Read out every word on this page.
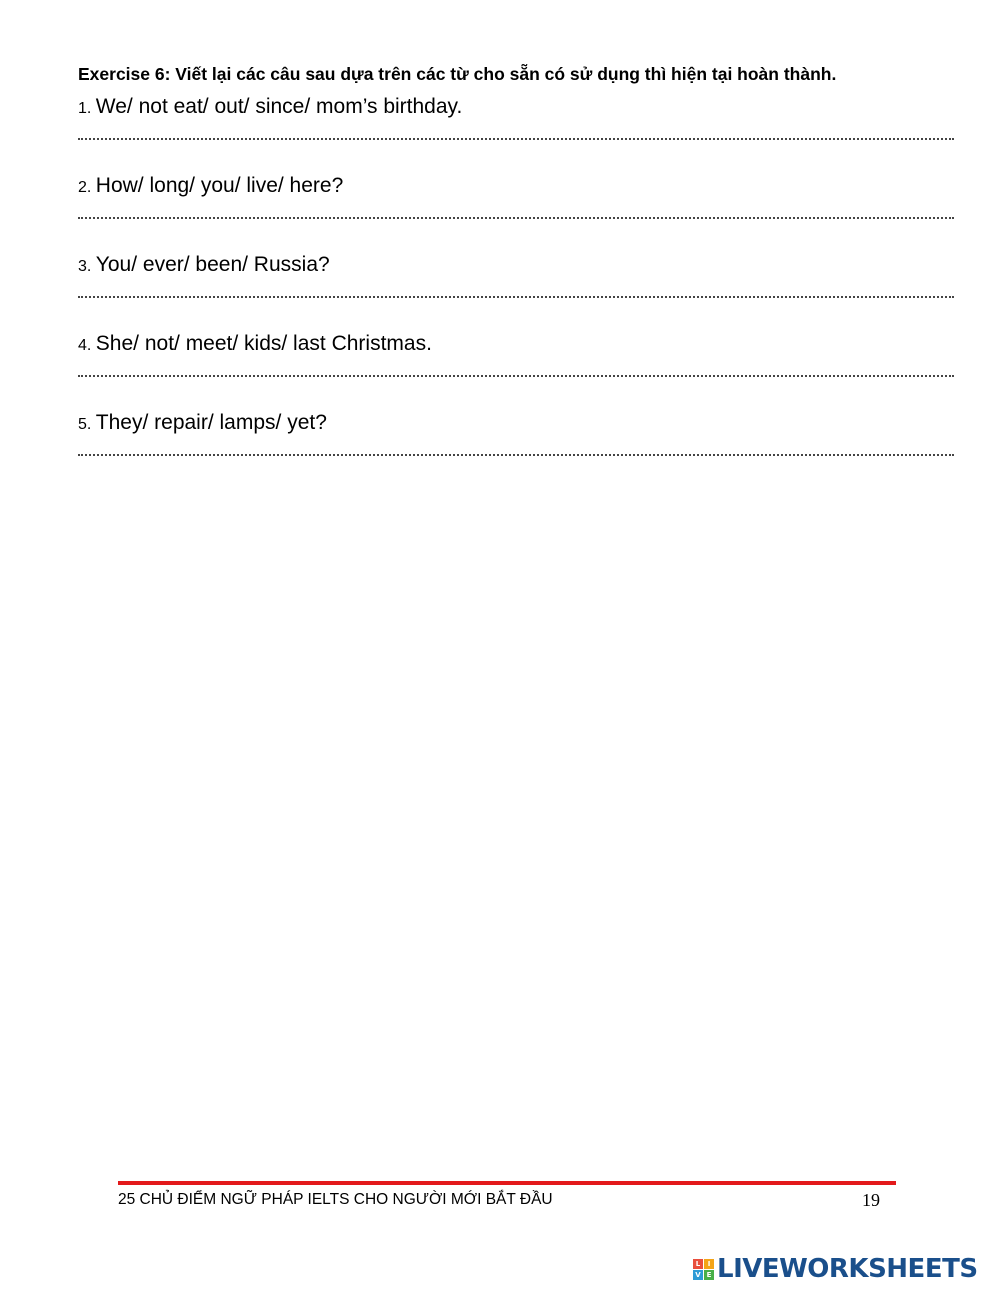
Exercise 6: Viết lại các câu sau dựa trên các từ cho sẵn có sử dụng thì hiện tại hoàn thành.
1. We/ not eat/ out/ since/ mom’s birthday.
2. How/ long/ you/ live/ here?
3. You/ ever/ been/ Russia?
4. She/ not/ meet/ kids/ last Christmas.
5. They/ repair/ lamps/ yet?
25 CHỦ ĐIỂM NGỮ PHÁP IELTS CHO NGƯỜI MỚI BẮT ĐẦU	19
L	I
V E LIVEWORKSHEETS
